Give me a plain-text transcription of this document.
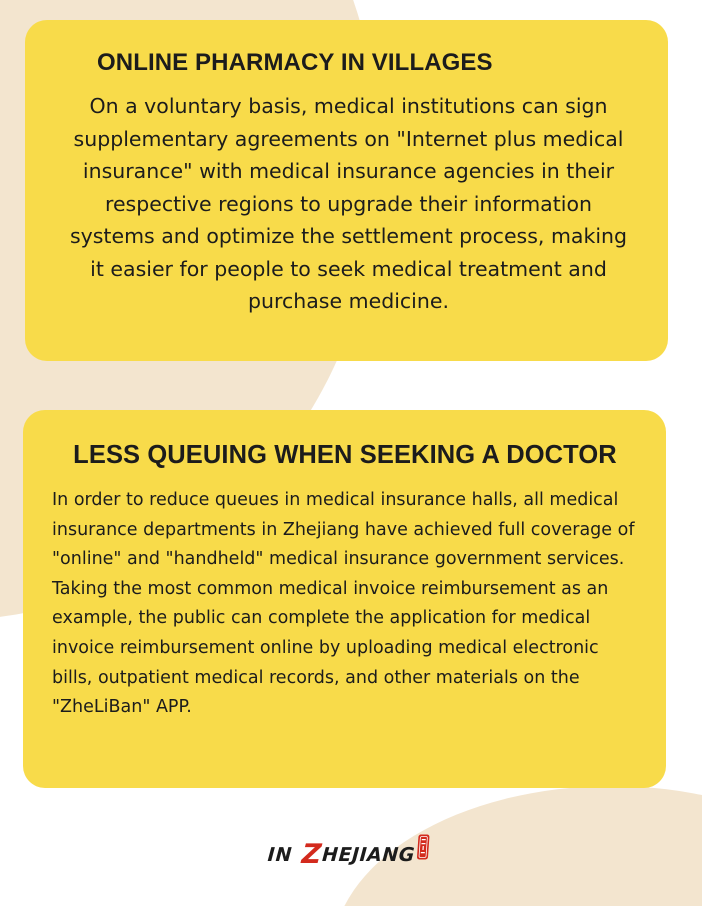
ONLINE PHARMACY IN VILLAGES

On a voluntary basis, medical institutions can sign supplementary agreements on "Internet plus medical insurance" with medical insurance agencies in their respective regions to upgrade their information systems and optimize the settlement process, making it easier for people to seek medical treatment and purchase medicine.

LESS QUEUING WHEN SEEKING A DOCTOR

In order to reduce queues in medical insurance halls, all medical insurance departments in Zhejiang have achieved full coverage of "online" and "handheld" medical insurance government services. Taking the most common medical invoice reimbursement as an example, the public can complete the application for medical invoice reimbursement online by uploading medical electronic bills, outpatient medical records, and other materials on the "ZheLiBan" APP.

IN Z HEJIANG
